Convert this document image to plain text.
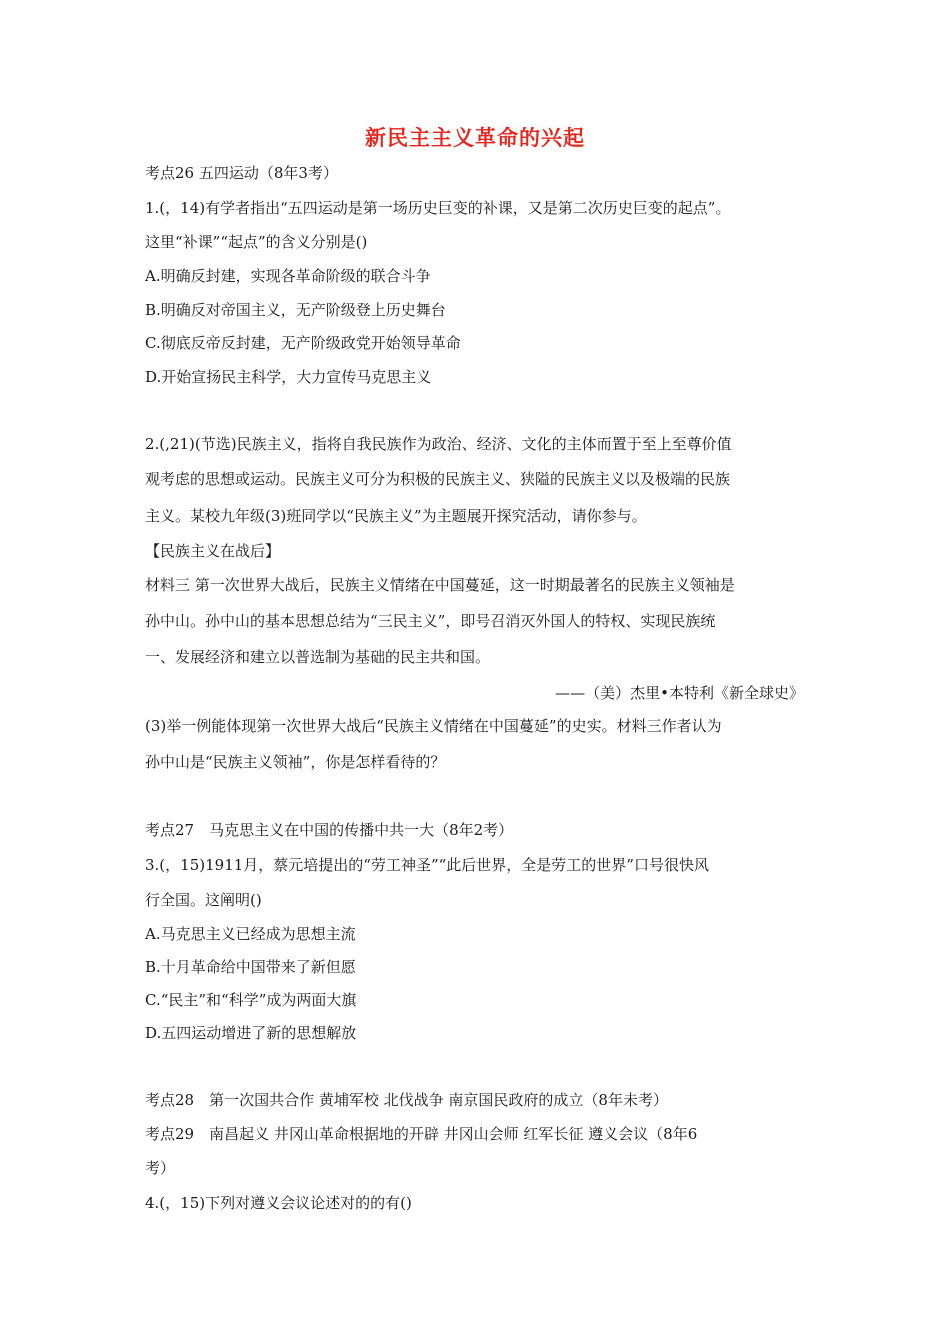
新民主主义革命的兴起
考点26 五四运动（8年3考）
1.(，14)有学者指出“五四运动是第一场历史巨变的补课，又是第二次历史巨变的起点”。
这里“补课”“起点”的含义分别是()
A.明确反封建，实现各革命阶级的联合斗争
B.明确反对帝国主义，无产阶级登上历史舞台
C.彻底反帝反封建，无产阶级政党开始领导革命
D.开始宣扬民主科学，大力宣传马克思主义
2.(,21)(节选)民族主义，指将自我民族作为政治、经济、文化的主体而置于至上至尊价值
观考虑的思想或运动。民族主义可分为积极的民族主义、狭隘的民族主义以及极端的民族
主义。某校九年级(3)班同学以“民族主义”为主题展开探究活动，请你参与。
【民族主义在战后】
材料三 第一次世界大战后，民族主义情绪在中国蔓延，这一时期最著名的民族主义领袖是
孙中山。孙中山的基本思想总结为“三民主义”，即号召消灭外国人的特权、实现民族统
一、发展经济和建立以普选制为基础的民主共和国。
——（美）杰里•本特利《新全球史》
(3)举一例能体现第一次世界大战后“民族主义情绪在中国蔓延”的史实。材料三作者认为
孙中山是“民族主义领袖”，你是怎样看待的？
考点27　马克思主义在中国的传播中共一大（8年2考）
3.(，15)1911月，蔡元培提出的“劳工神圣”“此后世界，全是劳工的世界”口号很快风
行全国。这阐明()
A.马克思主义已经成为思想主流
B.十月革命给中国带来了新但愿
C.“民主”和“科学”成为两面大旗
D.五四运动增进了新的思想解放
考点28　第一次国共合作 黄埔军校 北伐战争 南京国民政府的成立（8年未考）
考点29　南昌起义 井冈山革命根据地的开辟 井冈山会师 红军长征 遵义会议（8年6
考）
4.(，15)下列对遵义会议论述对的的有()
